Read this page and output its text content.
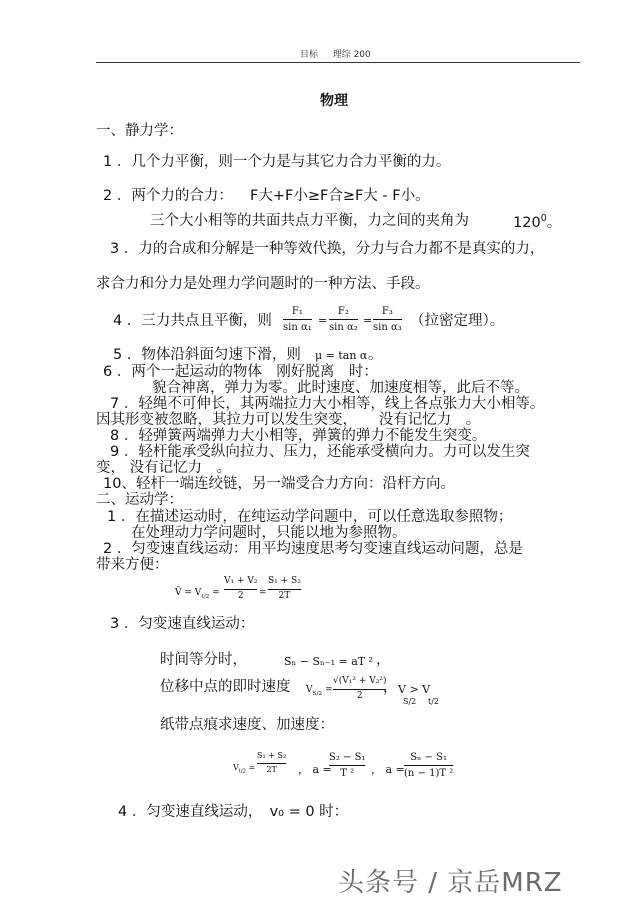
目标 　 理综 200
物理
一、静力学：
1 ．几个力平衡，则一个力是与其它力合力平衡的力。
2 ．两个力的合力： F大+F小≥F合≥F大 - F小。
三个大小相等的共面共点力平衡，力之间的夹角为	$120^0$。
3 ．力的合成和分解是一种等效代换，分力与合力都不是真实的力，
求合力和分力是处理力学问题时的一种方法、手段。
4 ．三力共点且平衡，则
F₁
sin α₁
=
F₂
sin α₂
=
F₃
sin α₃ （拉密定理）。
5 ．物体沿斜面匀速下滑，则 μ = tan α 。
6 ．两个一起运动的物体　刚好脱离　时：
貌合神离，弹力为零。此时速度、加速度相等，此后不等。
7 ．轻绳不可伸长，其两端拉力大小相等，线上各点张力大小相等。
因其形变被忽略，其拉力可以发生突变，　　没有记忆力　。
8 ．轻弹簧两端弹力大小相等，弹簧的弹力不能发生突变。
9 ．轻杆能承受纵向拉力、压力，还能承受横向力。力可以发生突
变， 没有记忆力　。
10、轻杆一端连绞链，另一端受合力方向：沿杆方向。
二、运动学：
1 ．在描述运动时，在纯运动学问题中，可以任意选取参照物；
在处理动力学问题时，只能以地为参照物。
2 ．匀变速直线运动：用平均速度思考匀变速直线运动问题，总是
带来方便：
V̄ = $V_{t/2}$ =
V₁ + V₂
2 =
S₁ + S₂
2T
3 ．匀变速直线运动：
时间等分时，	Sₙ − Sₙ₋₁ = aT ² ，
位移中点的即时速度 $V_{S/2}$ =
√(V₁² + V₂²)
2 ， V > V
S/2 t/2
纸带点痕求速度、加速度：
$V_{t/2}$ =
S₁ + S₂
2T ， a =
S₂ − S₁
T ² ， a =
Sₙ − S₁
(n − 1)T ²
4 ．匀变速直线运动，　v₀ = 0 时：
头条号 / 京岳MRZ
